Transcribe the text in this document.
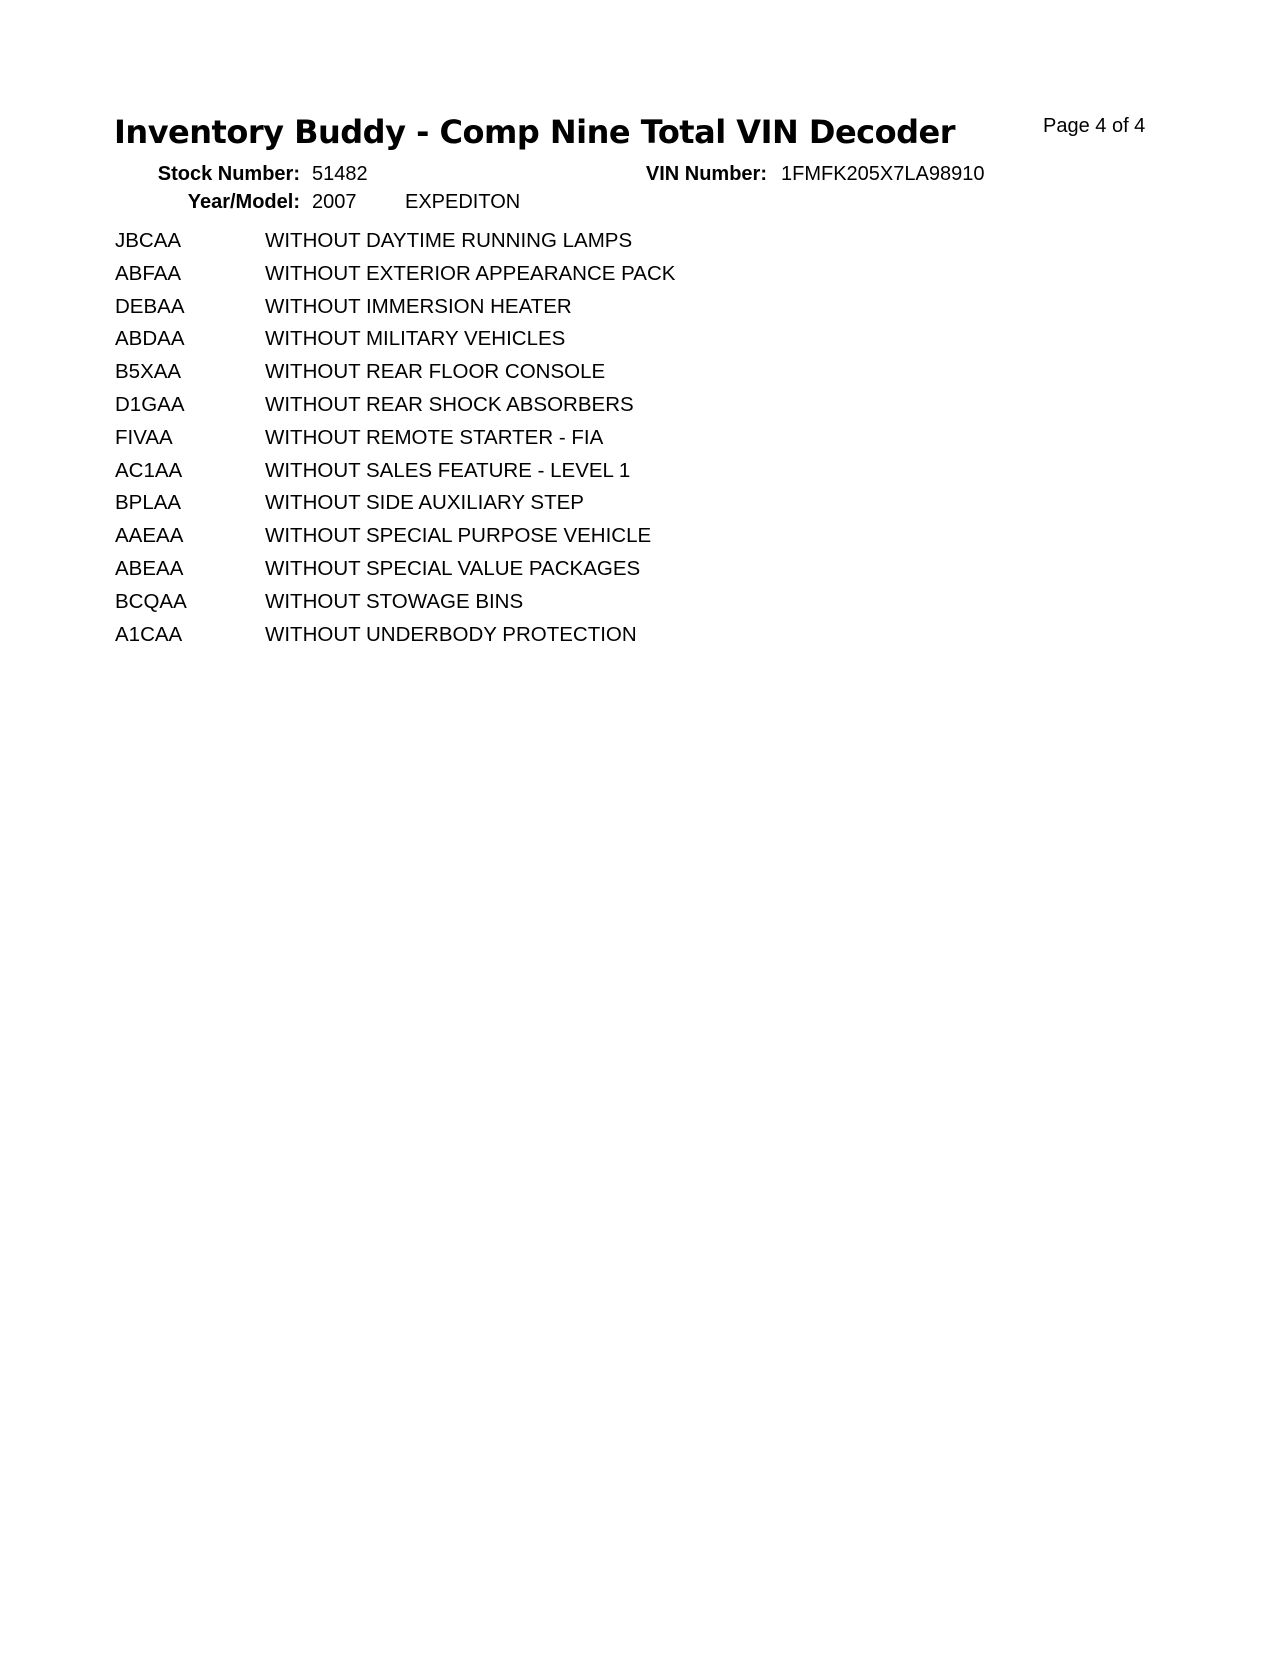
Inventory Buddy - Comp Nine Total VIN Decoder	Page 4 of 4
Stock Number: 51482	VIN Number: 1FMFK205X7LA98910
Year/Model: 2007 EXPEDITON
JBCAA	WITHOUT DAYTIME RUNNING LAMPS
ABFAA	WITHOUT EXTERIOR APPEARANCE PACK
DEBAA	WITHOUT IMMERSION HEATER
ABDAA	WITHOUT MILITARY VEHICLES
B5XAA	WITHOUT REAR FLOOR CONSOLE
D1GAA	WITHOUT REAR SHOCK ABSORBERS
FIVAA	WITHOUT REMOTE STARTER - FIA
AC1AA	WITHOUT SALES FEATURE - LEVEL 1
BPLAA	WITHOUT SIDE AUXILIARY STEP
AAEAA	WITHOUT SPECIAL PURPOSE VEHICLE
ABEAA	WITHOUT SPECIAL VALUE PACKAGES
BCQAA	WITHOUT STOWAGE BINS
A1CAA	WITHOUT UNDERBODY PROTECTION
